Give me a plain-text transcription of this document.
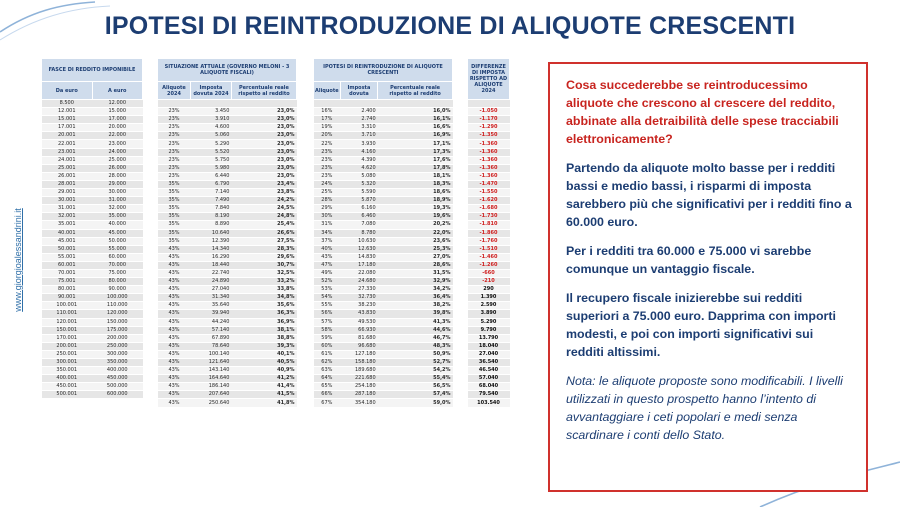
IPOTESI DI REINTRODUZIONE DI ALIQUOTE CRESCENTI
www.giorgioalessandrini.it
FASCE DI REDDITO IMPONIBILE	
Da euro	A euro
8.500	12.000
12.001	15.000
15.001	17.000
17.001	20.000
20.001	22.000
22.001	23.000
23.001	24.000
24.001	25.000
25.001	26.000
26.001	28.000
28.001	29.000
29.001	30.000
30.001	31.000
31.001	32.000
32.001	35.000
35.001	40.000
40.001	45.000
45.001	50.000
50.001	55.000
55.001	60.000
60.001	70.000
70.001	75.000
75.001	80.000
80.001	90.000
90.001	100.000
100.001	110.000
110.001	120.000
120.001	150.000
150.001	175.000
170.001	200.000
200.001	250.000
250.001	300.000
300.001	350.000
350.001	400.000
400.001	450.000
450.001	500.000
500.001	600.000
SITUAZIONE ATTUALE (GOVERNO MELONI - 3 ALIQUOTE FISCALI)		
Aliquote 2024	Imposta dovuta 2024	Percentuale reale rispetto al reddito

23%	3.450	23,0%
23%	3.910	23,0%
23%	4.600	23,0%
23%	5.060	23,0%
23%	5.290	23,0%
23%	5.520	23,0%
23%	5.750	23,0%
23%	5.980	23,0%
23%	6.440	23,0%
35%	6.790	23,4%
35%	7.140	23,8%
35%	7.490	24,2%
35%	7.840	24,5%
35%	8.190	24,8%
35%	8.890	25,4%
35%	10.640	26,6%
35%	12.390	27,5%
43%	14.340	28,3%
43%	16.290	29,6%
43%	18.440	30,7%
43%	22.740	32,5%
43%	24.890	33,2%
43%	27.040	33,8%
43%	31.340	34,8%
43%	35.640	35,6%
43%	39.940	36,3%
43%	44.240	36,9%
43%	57.140	38,1%
43%	67.890	38,8%
43%	78.640	39,3%
43%	100.140	40,1%
43%	121.640	40,5%
43%	143.140	40,9%
43%	164.640	41,2%
43%	186.140	41,4%
43%	207.640	41,5%
43%	250.640	41,8%
IPOTESI DI REINTRODUZIONE DI ALIQUOTE CRESCENTI		
Aliquote	Imposta dovuta	Percentuale reale rispetto al reddito

16%	2.400	16,0%
17%	2.740	16,1%
19%	3.310	16,6%
20%	3.710	16,9%
22%	3.930	17,1%
23%	4.160	17,3%
23%	4.390	17,6%
23%	4.620	17,8%
23%	5.080	18,1%
24%	5.320	18,3%
25%	5.590	18,6%
28%	5.870	18,9%
29%	6.160	19,3%
30%	6.460	19,6%
31%	7.080	20,2%
34%	8.780	22,0%
37%	10.630	23,6%
40%	12.630	25,3%
43%	14.830	27,0%
47%	17.180	28,6%
49%	22.080	31,5%
52%	24.680	32,9%
53%	27.330	34,2%
54%	32.730	36,4%
55%	38.230	38,2%
56%	43.830	39,8%
57%	49.530	41,3%
58%	66.930	44,6%
59%	81.680	46,7%
60%	96.680	48,3%
61%	127.180	50,9%
62%	158.180	52,7%
63%	189.680	54,2%
64%	221.680	55,4%
65%	254.180	56,5%
66%	287.180	57,4%
67%	354.180	59,0%
DIFFERENZE DI IMPOSTA RISPETTO AD ALIQUOTE 2024

-1.050
-1.170
-1.290
-1.350
-1.360
-1.360
-1.360
-1.360
-1.360
-1.470
-1.550
-1.620
-1.680
-1.730
-1.810
-1.860
-1.760
-1.510
-1.460
-1.260
-660
-210
290
1.390
2.590
3.890
5.290
9.790
13.790
18.040
27.040
36.540
46.540
57.040
68.040
79.540
103.540

Cosa succederebbe se reintroducessimo aliquote che crescono al crescere del reddito, abbinate alla detraibilità delle spese tracciabili elettronicamente?

Partendo da aliquote molto basse per i redditi bassi e medio bassi, i risparmi di imposta sarebbero più che significativi per i redditi fino a 60.000 euro.

Per i redditi tra 60.000 e 75.000 vi sarebbe comunque un vantaggio fiscale.

Il recupero fiscale inizierebbe sui redditi superiori a 75.000 euro. Dapprima con importi modesti, e poi con importi significativi sui redditi altissimi.

Nota: le aliquote proposte sono modificabili. I livelli utilizzati in questo prospetto hanno l’intento di avvantaggiare i ceti popolari e medi senza scardinare i conti dello Stato.
